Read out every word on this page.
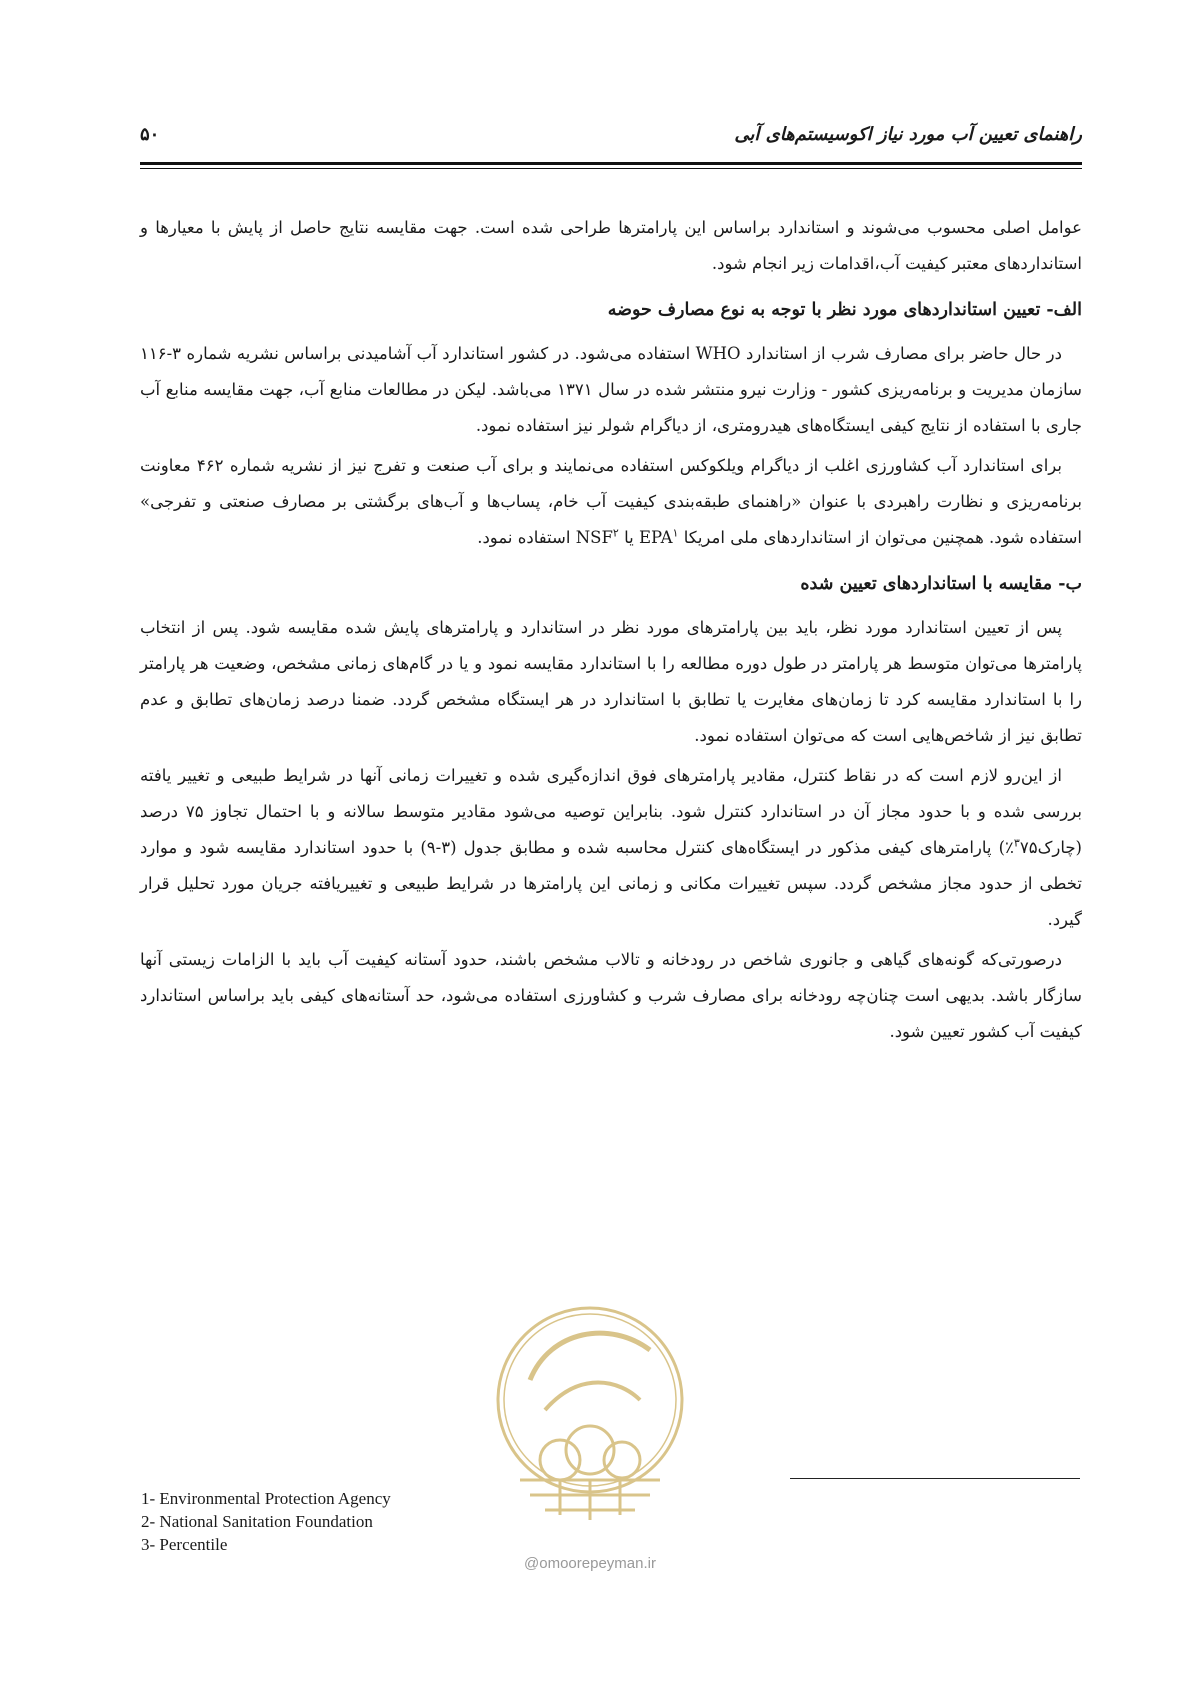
راهنمای تعیین آب مورد نیاز اکوسیستم‌های آبی
۵۰

عوامل اصلی محسوب می‌شوند و استاندارد براساس این پارامترها طراحی شده است. جهت مقایسه نتایج حاصل از پایش با معیارها و استانداردهای معتبر کیفیت آب،اقدامات زیر انجام شود.

الف- تعیین استانداردهای مورد نظر با توجه به نوع مصارف حوضه

در حال حاضر برای مصارف شرب از استاندارد WHO استفاده می‌شود. در کشور استاندارد آب آشامیدنی براساس نشریه شماره ۳-۱۱۶ سازمان مدیریت و برنامه‌ریزی کشور - وزارت نیرو منتشر شده در سال ۱۳۷۱ می‌باشد. لیکن در مطالعات منابع آب، جهت مقایسه منابع آب جاری با استفاده از نتایج کیفی ایستگاه‌های هیدرومتری، از دیاگرام شولر نیز استفاده نمود.

برای استاندارد آب کشاورزی اغلب از دیاگرام ویلکوکس استفاده می‌نمایند و برای آب صنعت و تفرج نیز از نشریه شماره ۴۶۲ معاونت برنامه‌ریزی و نظارت راهبردی با عنوان «راهنمای طبقه‌بندی کیفیت آب خام، پساب‌ها و آب‌های برگشتی بر مصارف صنعتی و تفرجی» استفاده شود. همچنین می‌توان از استانداردهای ملی امریکا EPA$^۱$ یا NSF$^۲$ استفاده نمود.

ب- مقایسه با استانداردهای تعیین شده

پس از تعیین استاندارد مورد نظر، باید بین پارامترهای مورد نظر در استاندارد و پارامترهای پایش شده مقایسه شود. پس از انتخاب پارامترها می‌توان متوسط هر پارامتر در طول دوره مطالعه را با استاندارد مقایسه نمود و یا در گام‌های زمانی مشخص، وضعیت هر پارامتر را با استاندارد مقایسه کرد تا زمان‌های مغایرت یا تطابق با استاندارد در هر ایستگاه مشخص گردد. ضمنا درصد زمان‌های تطابق و عدم تطابق نیز از شاخص‌هایی است که می‌توان استفاده نمود.

از این‌رو لازم است که در نقاط کنترل، مقادیر پارامترهای فوق اندازه‌گیری شده و تغییرات زمانی آنها در شرایط طبیعی و تغییر یافته بررسی شده و با حدود مجاز آن در استاندارد کنترل شود. بنابراین توصیه می‌شود مقادیر متوسط سالانه و با احتمال تجاوز ۷۵ درصد (چارک$^۳$۷۵٪) پارامترهای کیفی مذکور در ایستگاه‌های کنترل محاسبه شده و مطابق جدول (۳-۹) با حدود استاندارد مقایسه شود و موارد تخطی از حدود مجاز مشخص گردد. سپس تغییرات مکانی و زمانی این پارامترها در شرایط طبیعی و تغییریافته جریان مورد تحلیل قرار گیرد.

درصورتی‌که گونه‌های گیاهی و جانوری شاخص در رودخانه و تالاب مشخص باشند، حدود آستانه کیفیت آب باید با الزامات زیستی آنها سازگار باشد. بدیهی است چنان‌چه رودخانه برای مصارف شرب و کشاورزی استفاده می‌شود، حد آستانه‌های کیفی باید براساس استاندارد کیفیت آب کشور تعیین شود.

@omoorepeyman.ir
1- Environmental Protection Agency
2- National Sanitation Foundation
3- Percentile
